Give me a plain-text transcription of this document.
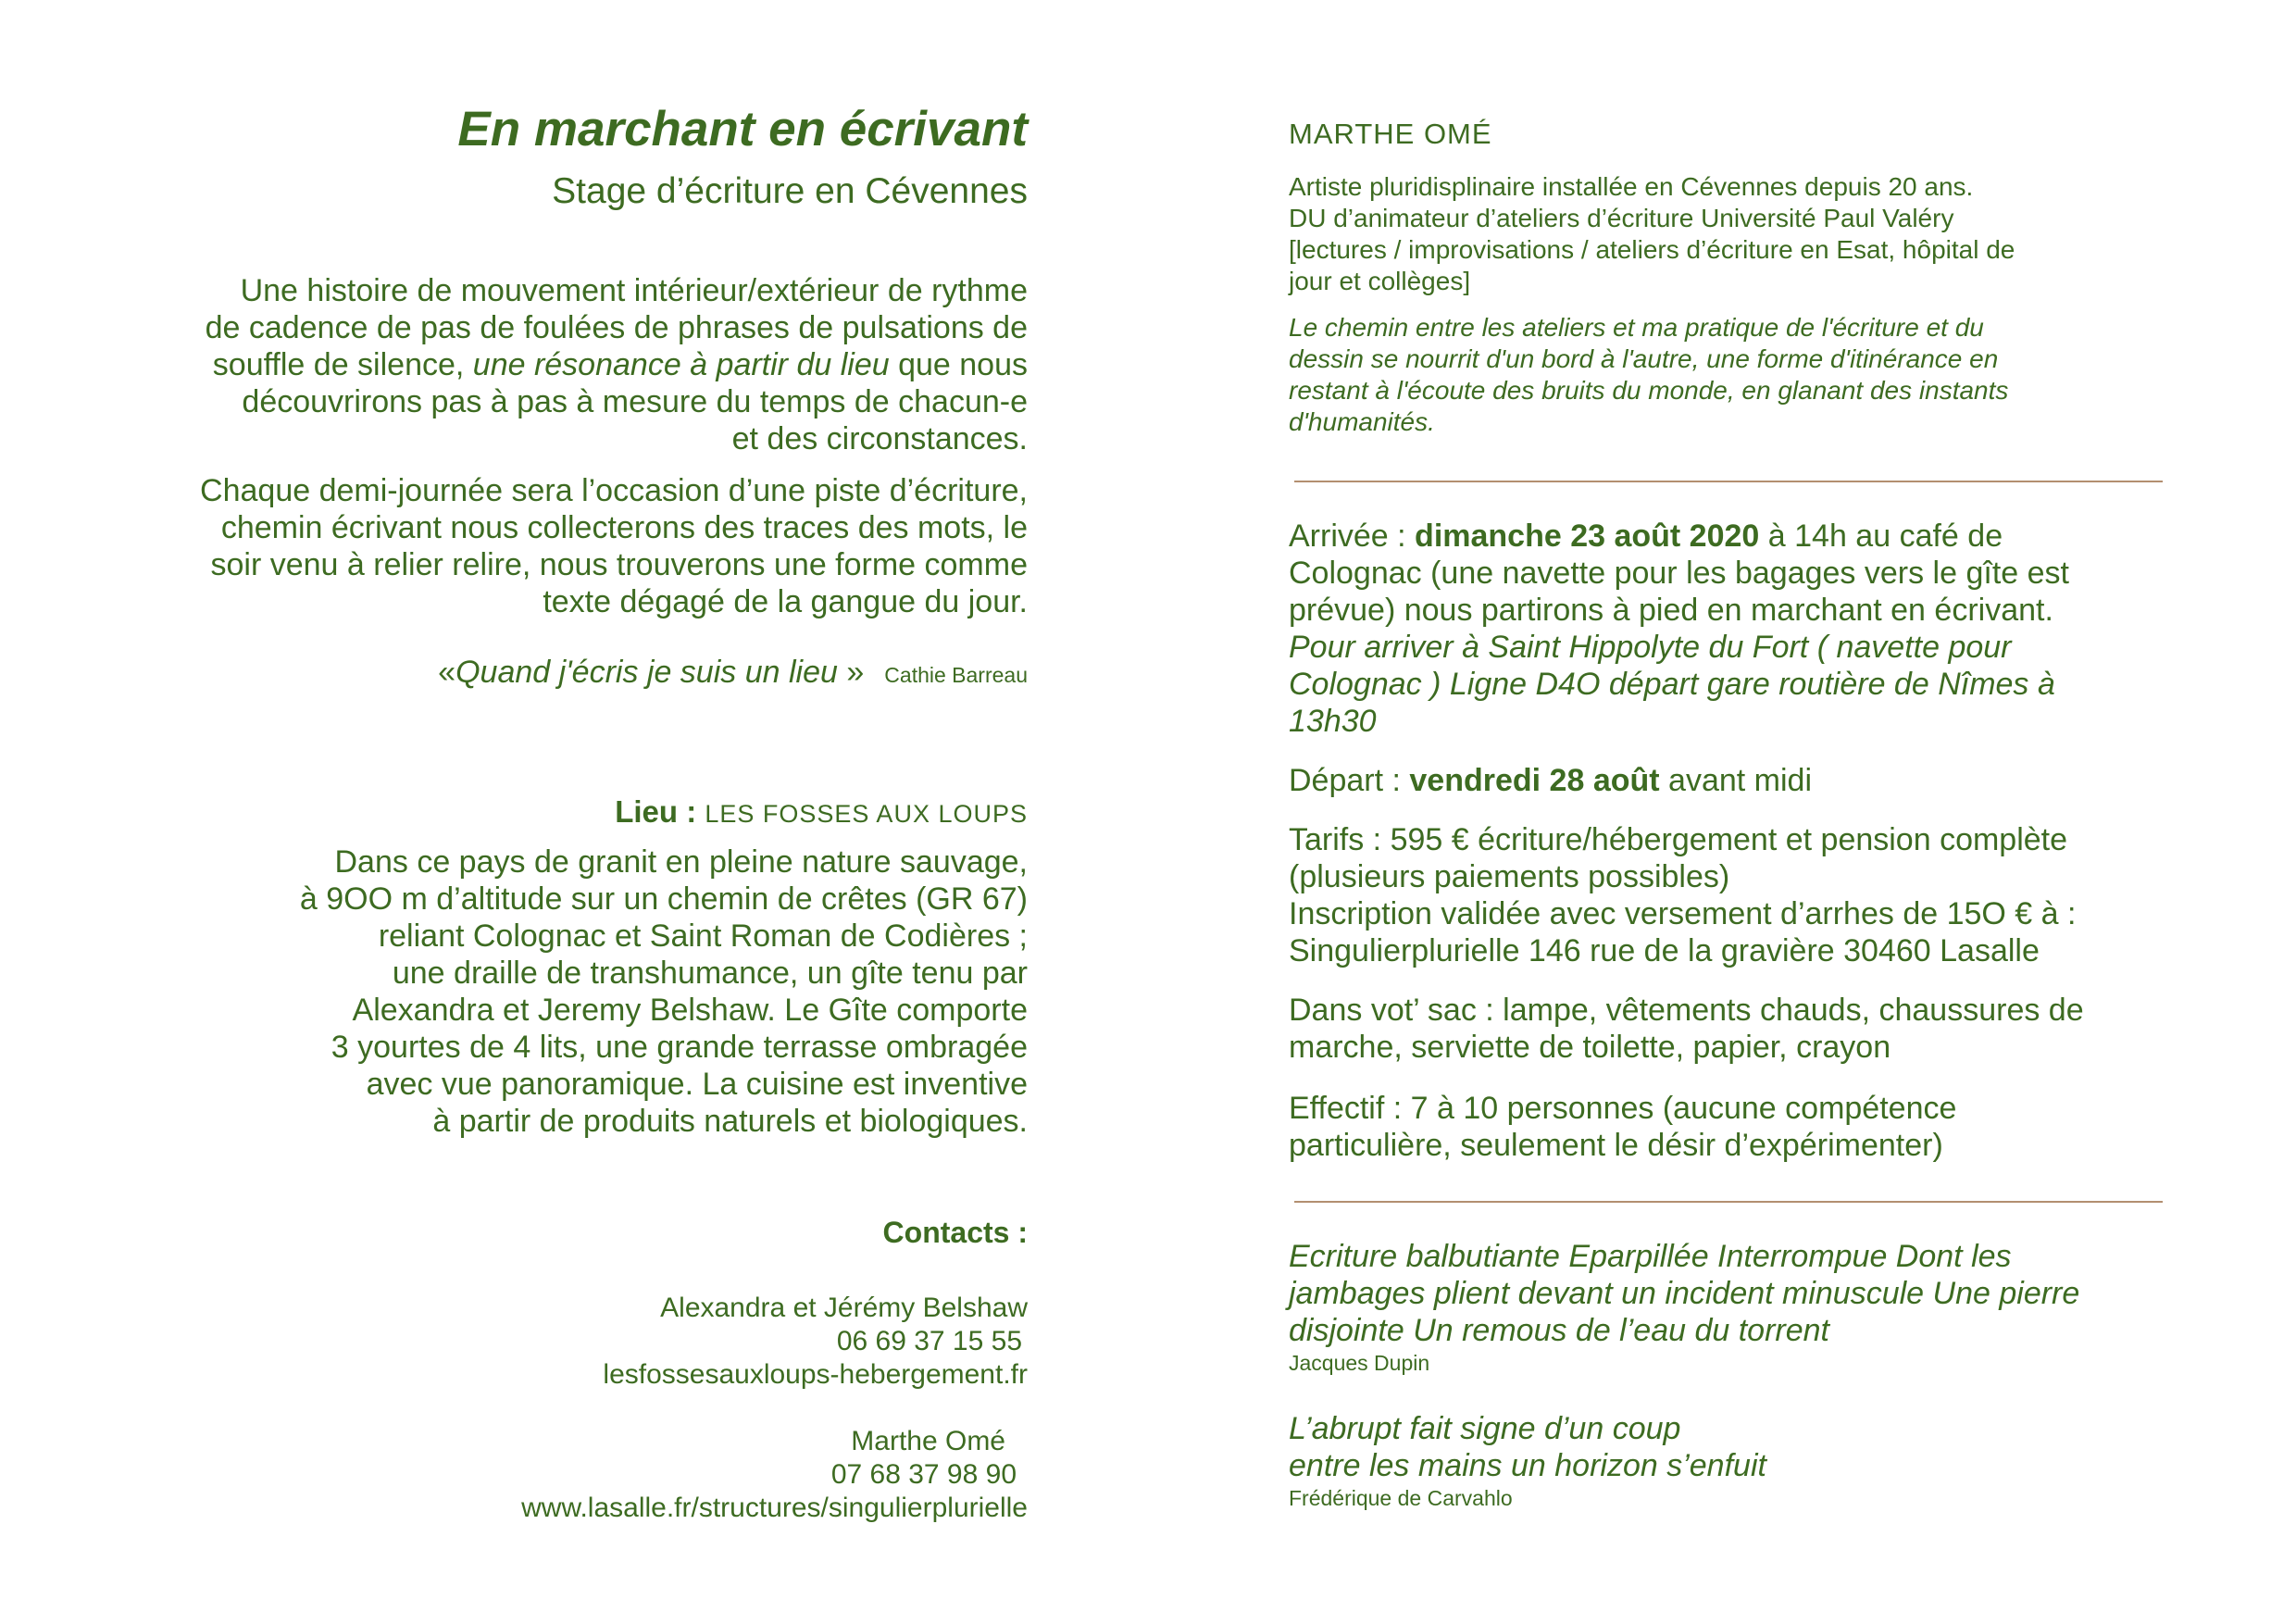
En marchant en écrivant
Stage d’écriture en Cévennes
Une histoire de mouvement intérieur/extérieur de rythme
de cadence de pas de foulées de phrases de pulsations de
souffle de silence, une résonance à partir du lieu que nous
découvrirons pas à pas à mesure du temps de chacun-e
et des circonstances.
Chaque demi-journée sera l’occasion d’une piste d’écriture,
chemin écrivant nous collecterons des traces des mots, le
soir venu à relier relire, nous trouverons une forme comme
texte dégagé de la gangue du jour.
«Quand j'écris je suis un lieu » Cathie Barreau
Lieu : LES FOSSES AUX LOUPS
Dans ce pays de granit en pleine nature sauvage,
à 9OO m d’altitude sur un chemin de crêtes (GR 67)
reliant Colognac et Saint Roman de Codières ;
une draille de transhumance, un gîte tenu par
Alexandra et Jeremy Belshaw. Le Gîte comporte
3 yourtes de 4 lits, une grande terrasse ombragée
avec vue panoramique. La cuisine est inventive
à partir de produits naturels et biologiques.
Contacts :
Alexandra et Jérémy Belshaw
06 69 37 15 55
lesfossesauxloups-hebergement.fr
Marthe Omé
07 68 37 98 90
www.lasalle.fr/structures/singulierplurielle
MARTHE OMÉ
Artiste pluridisplinaire installée en Cévennes depuis 20 ans.
DU d’animateur d’ateliers d’écriture Université Paul Valéry
[lectures / improvisations / ateliers d’écriture en Esat, hôpital de
jour et collèges]
Le chemin entre les ateliers et ma pratique de l'écriture et du
dessin se nourrit d'un bord à l'autre, une forme d'itinérance en
restant à l'écoute des bruits du monde, en glanant des instants
d'humanités.
Arrivée : dimanche 23 août 2020 à 14h au café de
Colognac (une navette pour les bagages vers le gîte est
prévue) nous partirons à pied en marchant en écrivant.
Pour arriver à Saint Hippolyte du Fort ( navette pour
Colognac ) Ligne D4O départ gare routière de Nîmes à
13h30
Départ : vendredi 28 août avant midi
Tarifs : 595 € écriture/hébergement et pension complète
(plusieurs paiements possibles)
Inscription validée avec versement d’arrhes de 15O € à :
Singulierplurielle 146 rue de la gravière 30460 Lasalle
Dans vot’ sac : lampe, vêtements chauds, chaussures de
marche, serviette de toilette, papier, crayon
Effectif : 7 à 10 personnes (aucune compétence
particulière, seulement le désir d’expérimenter)
Ecriture balbutiante Eparpillée Interrompue Dont les
jambages plient devant un incident minuscule Une pierre
disjointe Un remous de l’eau du torrent
Jacques Dupin
L’abrupt fait signe d’un coup
entre les mains un horizon s’enfuit
Frédérique de Carvahlo
